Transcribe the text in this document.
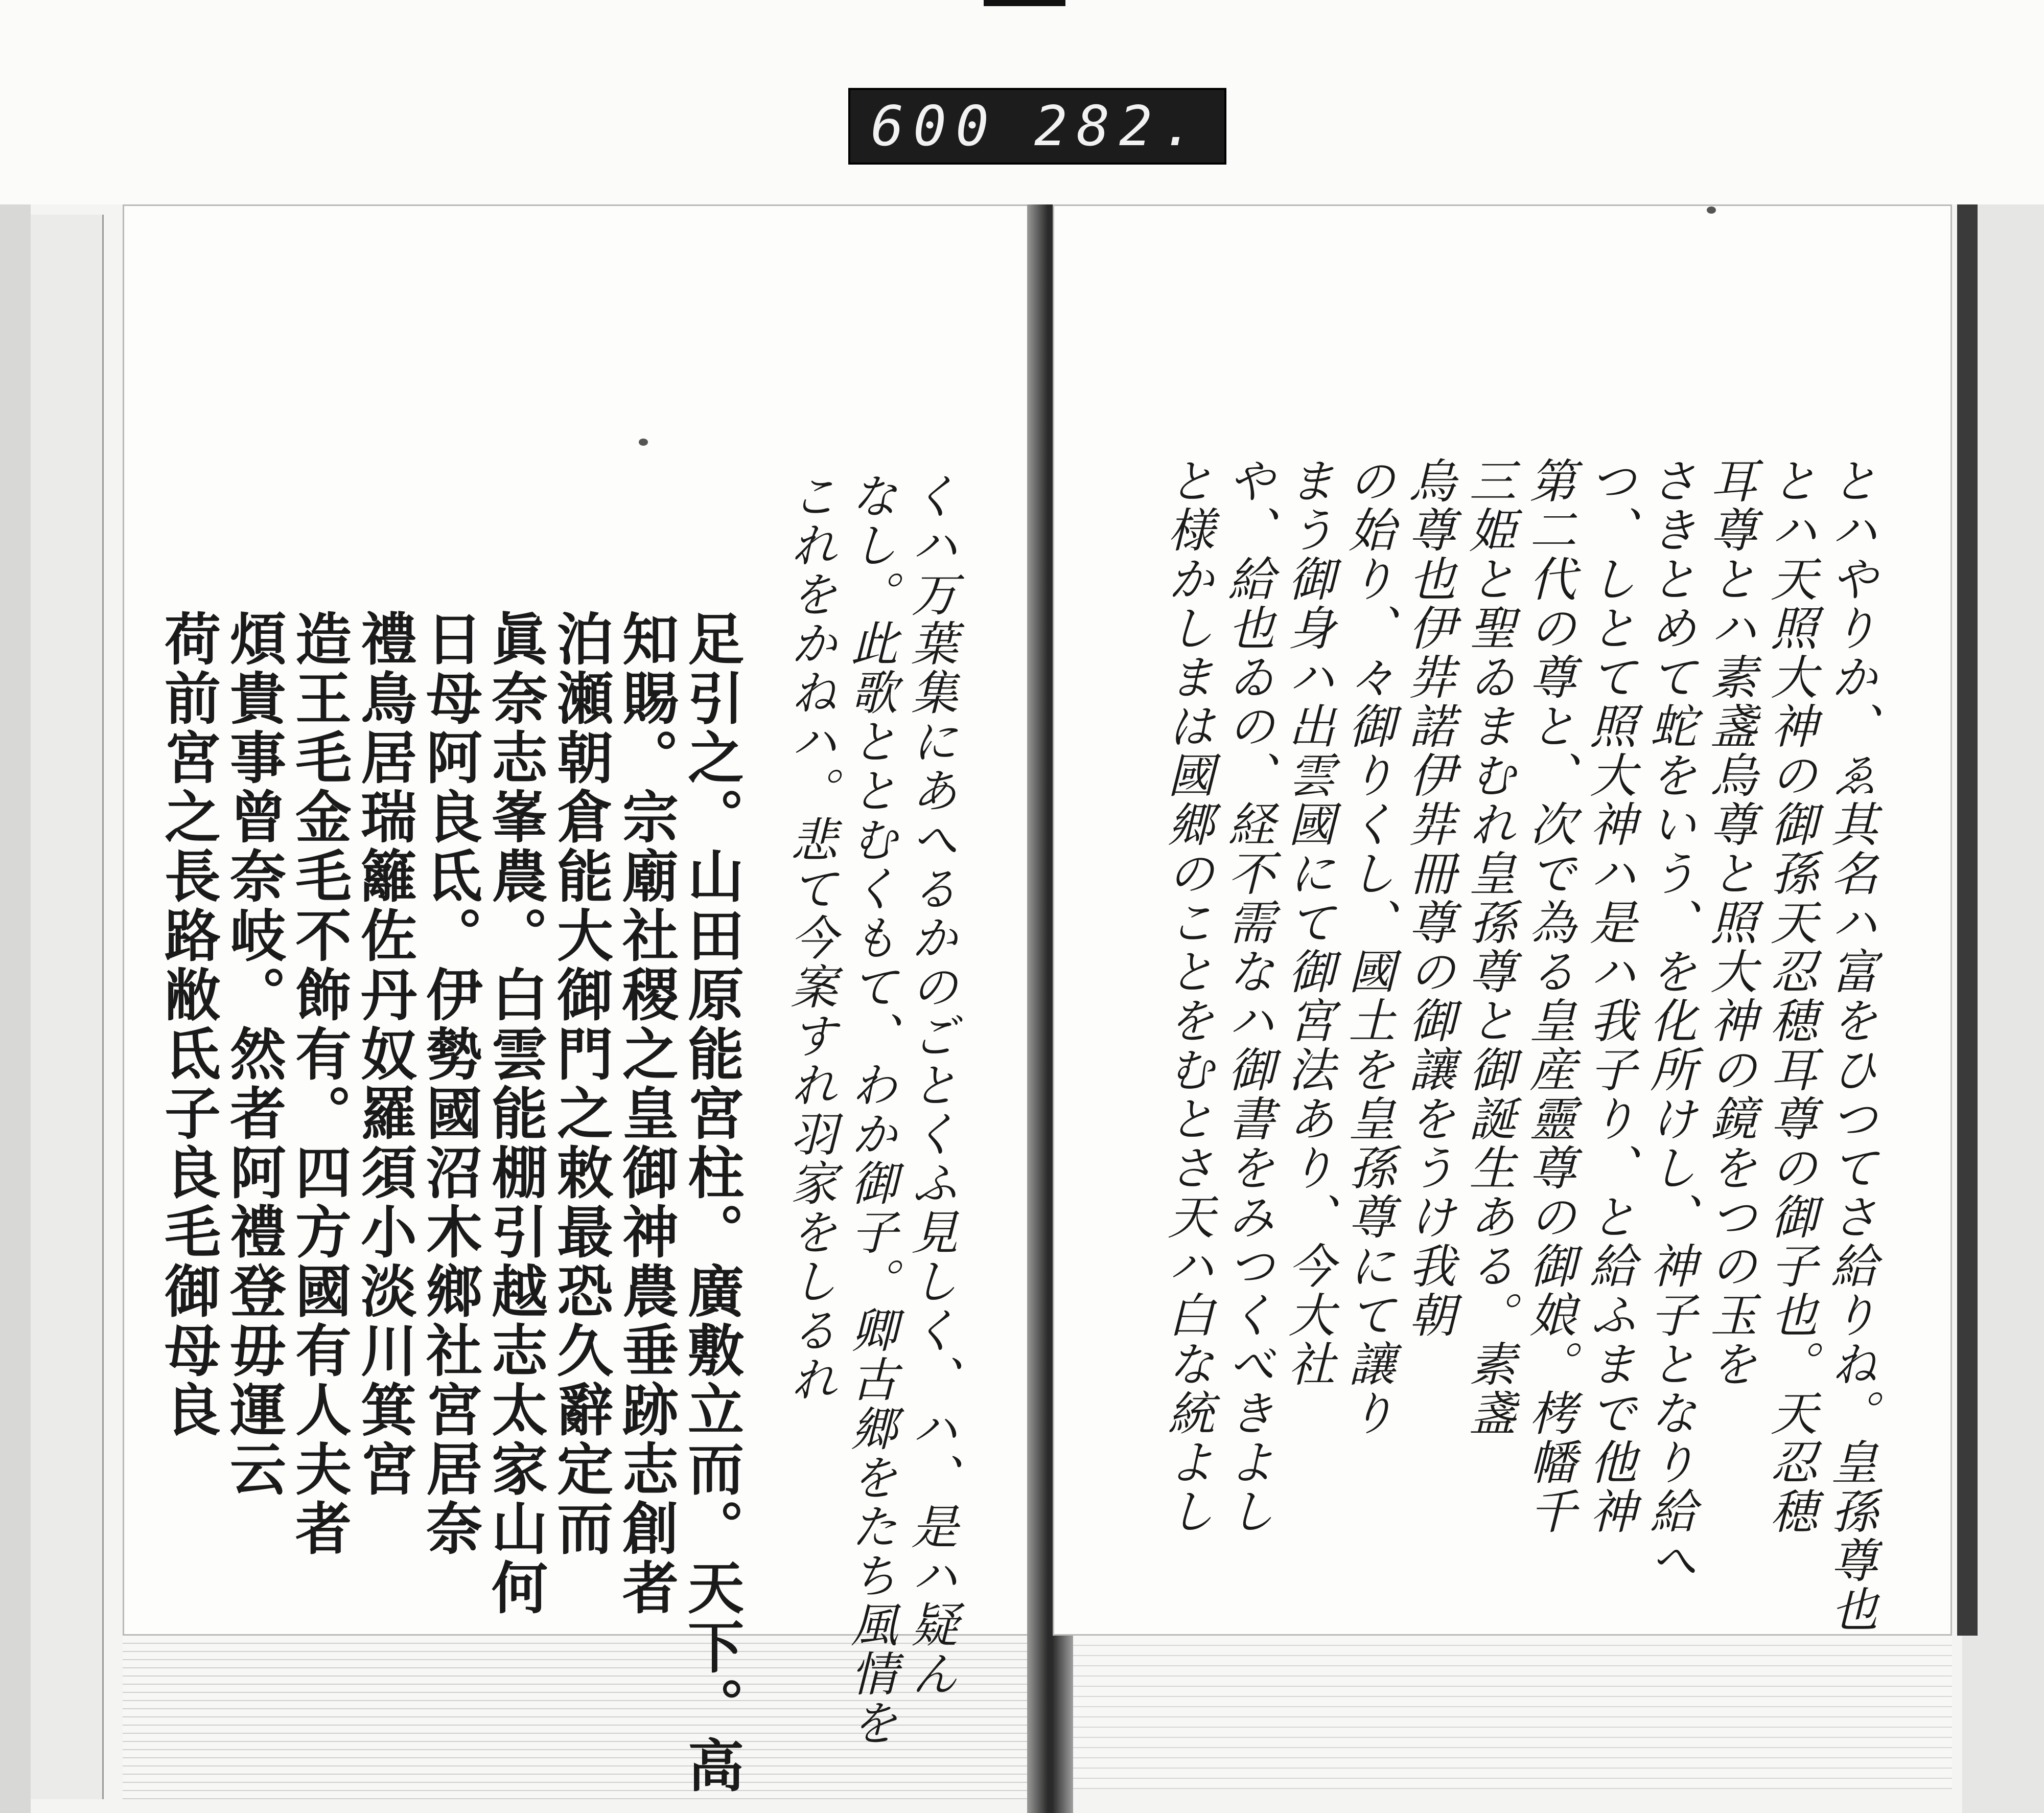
600 282.
くハ万葉集にあへるかのごとくふ見しく、ハ、是ハ疑ん
なし。此歌ととむくもて、わか御子。卿古郷をたち風情を
これをかねハ。悲て今案すれ羽家をしるれ
足引之。山田原能宮柱。廣敷立而。天下。高
知賜。宗廟社稷之皇御神農垂跡志創者
泊瀬朝倉能大御門之敕最恐久辭定而
眞奈志峯農。白雲能棚引越志太家山何
日母阿良氐。伊勢國沼木鄉社宮居奈
禮鳥居瑞籬佐丹奴羅須小淡川箕宮
造王毛金毛不飾有。四方國有人夫者
煩貴事曾奈岐。然者阿禮登毋運云
荷前宮之長路敝氐子良毛御母良	とハやりか、ゑ其名ハ富をひつてさ給りね。皇孫尊也
とハ天照大神の御孫天忍穂耳尊の御子也。天忍穂
耳尊とハ素盞烏尊と照大神の鏡をつの玉を
さきとめて蛇をいう、を化所けし、神子となり給へ
つ、しとて照大神ハ是ハ我子り、と給ふまで他神
第二代の尊と、次で為る皇産靈尊の御娘。栲幡千
三姫と聖ゐまむれ皇孫尊と御誕生ある。素盞
烏尊也伊弉諾伊弉冊尊の御讓をうけ我朝
の始り、々御りくし、國土を皇孫尊にて讓り
まう御身ハ出雲國にて御宮法あり、今大社
や、給也ゐの、経不需なハ御書をみつくべきよし
と様かしまは國郷のことをむとさ天ハ白な統よし
